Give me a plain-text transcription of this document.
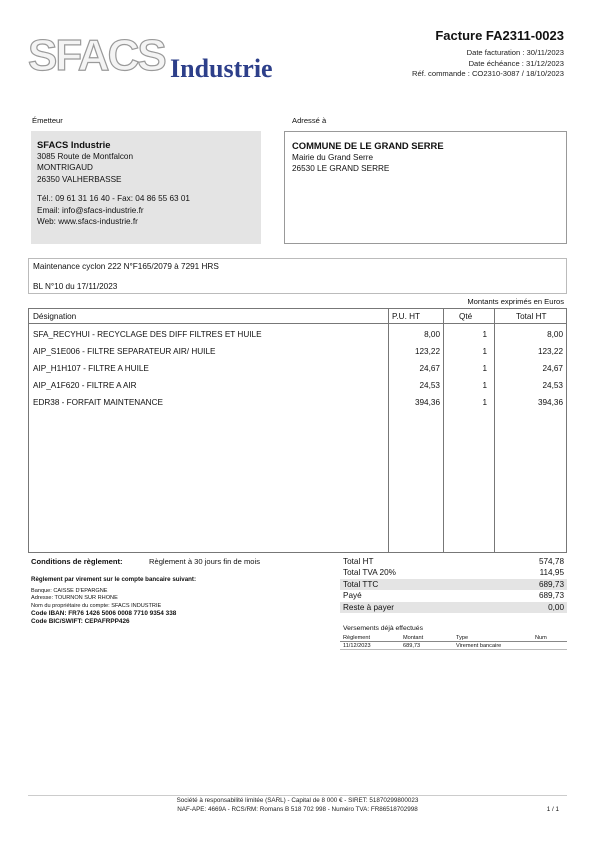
SFACS Industrie
Facture FA2311-0023
Date facturation : 30/11/2023
Date échéance : 31/12/2023
Réf. commande : CO2310-3087 / 18/10/2023
Émetteur	Adressé à
SFACS Industrie
3085 Route de Montfalcon
MONTRIGAUD
26350 VALHERBASSE
Tél.: 09 61 31 16 40 - Fax: 04 86 55 63 01
Email: info@sfacs-industrie.fr
Web: www.sfacs-industrie.fr
COMMUNE DE LE GRAND SERRE
Mairie du Grand Serre
26530 LE GRAND SERRE
Maintenance cyclon 222 N°F165/2079 à 7291 HRS
BL N°10 du 17/11/2023
Montants exprimés en Euros
Désignation	P.U. HT	Qté	Total HT
SFA_RECYHUI - RECYCLAGE DES DIFF FILTRES ET HUILE	8,00	1	8,00
AIP_S1E006 - FILTRE SEPARATEUR AIR/ HUILE	123,22	1	123,22
AIP_H1H107 - FILTRE A HUILE	24,67	1	24,67
AIP_A1F620 - FILTRE A AIR	24,53	1	24,53
EDR38 - FORFAIT MAINTENANCE	394,36	1	394,36
Conditions de règlement:	Règlement à 30 jours fin de mois
Règlement par virement sur le compte bancaire suivant:
Banque: CAISSE D'EPARGNE
Adresse: TOURNON SUR RHONE
Nom du propriétaire du compte: SFACS INDUSTRIE
Code IBAN: FR76 1426 5006 0008 7710 9354 338
Code BIC/SWIFT: CEPAFRPP426
Total HT	574,78
Total TVA 20%	114,95
Total TTC	689,73
Payé	689,73
Reste à payer	0,00
Versements déjà effectués
Règlement	Montant	Type	Num
11/12/2023	689,73	Virement bancaire
Société à responsabilité limitée (SARL) - Capital de 8 000 € - SIRET: 51870299800023
NAF-APE: 4669A - RCS/RM: Romans B 518 702 998 - Numéro TVA: FR86518702998	1 / 1
